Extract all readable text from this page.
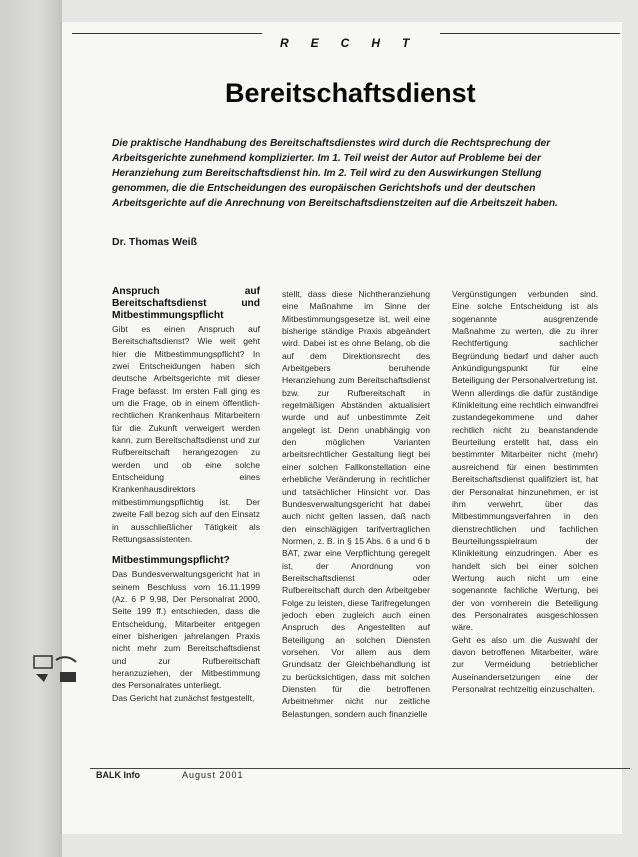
RECHT
Bereitschaftsdienst
Die praktische Handhabung des Bereitschaftsdienstes wird durch die Rechtsprechung der Arbeitsgerichte zunehmend komplizierter. Im 1. Teil weist der Autor auf Probleme bei der Heranziehung zum Bereitschaftsdienst hin. Im 2. Teil wird zu den Auswirkungen Stellung genommen, die die Entscheidungen des europäischen Gerichtshofs und der deutschen Arbeitsgerichte auf die Anrechnung von Bereitschaftsdienstzeiten auf die Arbeitszeit haben.
Dr. Thomas Weiß
Anspruch auf Bereitschaftsdienst und Mitbestimmungspflicht

Gibt es einen Anspruch auf Bereitschaftsdienst? Wie weit geht hier die Mitbestimmungspflicht? In zwei Entscheidungen haben sich deutsche Arbeitsgerichte mit dieser Frage befasst. Im ersten Fall ging es um die Frage, ob in einem öffentlich-rechtlichen Krankenhaus Mitarbeitern für die Zukunft verweigert werden kann, zum Bereitschaftsdienst und zur Rufbereitschaft herangezogen zu werden und ob eine solche Entscheidung eines Krankenhausdirektors mitbestimmungspflichtig ist. Der zweite Fall bezog sich auf den Einsatz in ausschließlicher Tätigkeit als Rettungsassistenten.

Mitbestimmungspflicht?

Das Bundesverwaltungsgericht hat in seinem Beschluss vom 16.11.1999 (Az. 6 P 9.98, Der Personalrat 2000, Seite 199 ff.) entschieden, dass die Entscheidung, Mitarbeiter entgegen einer bisherigen jahrelangen Praxis nicht mehr zum Bereitschaftsdienst und zur Rufbereitschaft heranzuziehen, der Mitbestimmung des Personalrates unterliegt.

Das Gericht hat zunächst festgestellt,

stellt, dass diese Nichtheranziehung eine Maßnahme im Sinne der Mitbestimmungsgesetze ist, weil eine bisherige ständige Praxis abgeändert wird. Dabei ist es ohne Belang, ob die auf dem Direktionsrecht des Arbeitgebers beruhende Heranziehung zum Bereitschaftsdienst bzw. zur Rufbereitschaft in regelmäßigen Abständen aktualisiert wurde und auf unbestimmte Zeit angelegt ist. Denn unabhängig von den möglichen Varianten arbeitsrechtlicher Gestaltung liegt bei einer solchen Fallkonstellation eine erhebliche Veränderung in rechtlicher und tatsächlicher Hinsicht vor. Das Bundesverwaltungsgericht hat dabei auch nicht gelten lassen, daß nach den einschlägigen tarifvertraglichen Normen, z. B. in § 15 Abs. 6 a und 6 b BAT, zwar eine Verpflichtung geregelt ist, der Anordnung von Bereitschaftsdienst oder Rufbereitschaft durch den Arbeitgeber Folge zu leisten, diese Tarifregelungen jedoch eben zugleich auch einen Anspruch des Angestellten auf Beteiligung an solchen Diensten vorsehen. Vor allem aus dem Grundsatz der Gleichbehandlung ist zu berücksichtigen, dass mit solchen Diensten für die betroffenen Arbeitnehmer nicht nur zeitliche Belastungen, sondern auch finanzielle

Vergünstigungen verbunden sind. Eine solche Entscheidung ist als sogenannte ausgrenzende Maßnahme zu werten, die zu ihrer Rechtfertigung sachlicher Begründung bedarf und daher auch Ankündigungspunkt für eine Beteiligung der Personalvertretung ist.

Wenn allerdings die dafür zuständige Klinikleitung eine rechtlich einwandfrei zustandegekommene und daher rechtlich nicht zu beanstandende Beurteilung erstellt hat, dass ein bestimmter Mitarbeiter nicht (mehr) ausreichend für einen bestimmten Bereitschaftsdienst qualifiziert ist, hat der Personalrat hinzunehmen, er ist ihm verwehrt, über das Mitbestimmungsverfahren in den dienstrechtlichen und fachlichen Beurteilungsspielraum der Klinikleitung einzudringen. Aber es handelt sich bei einer solchen Wertung auch nicht um eine sogenannte fachliche Wertung, bei der von vornherein die Beteiligung des Personalrates ausgeschlossen wäre.

Geht es also um die Auswahl der davon betroffenen Mitarbeiter, wäre zur Vermeidung betrieblicher Auseinandersetzungen eine der Personalrat rechtzeitig einzuschalten.

BALK Info	August 2001
